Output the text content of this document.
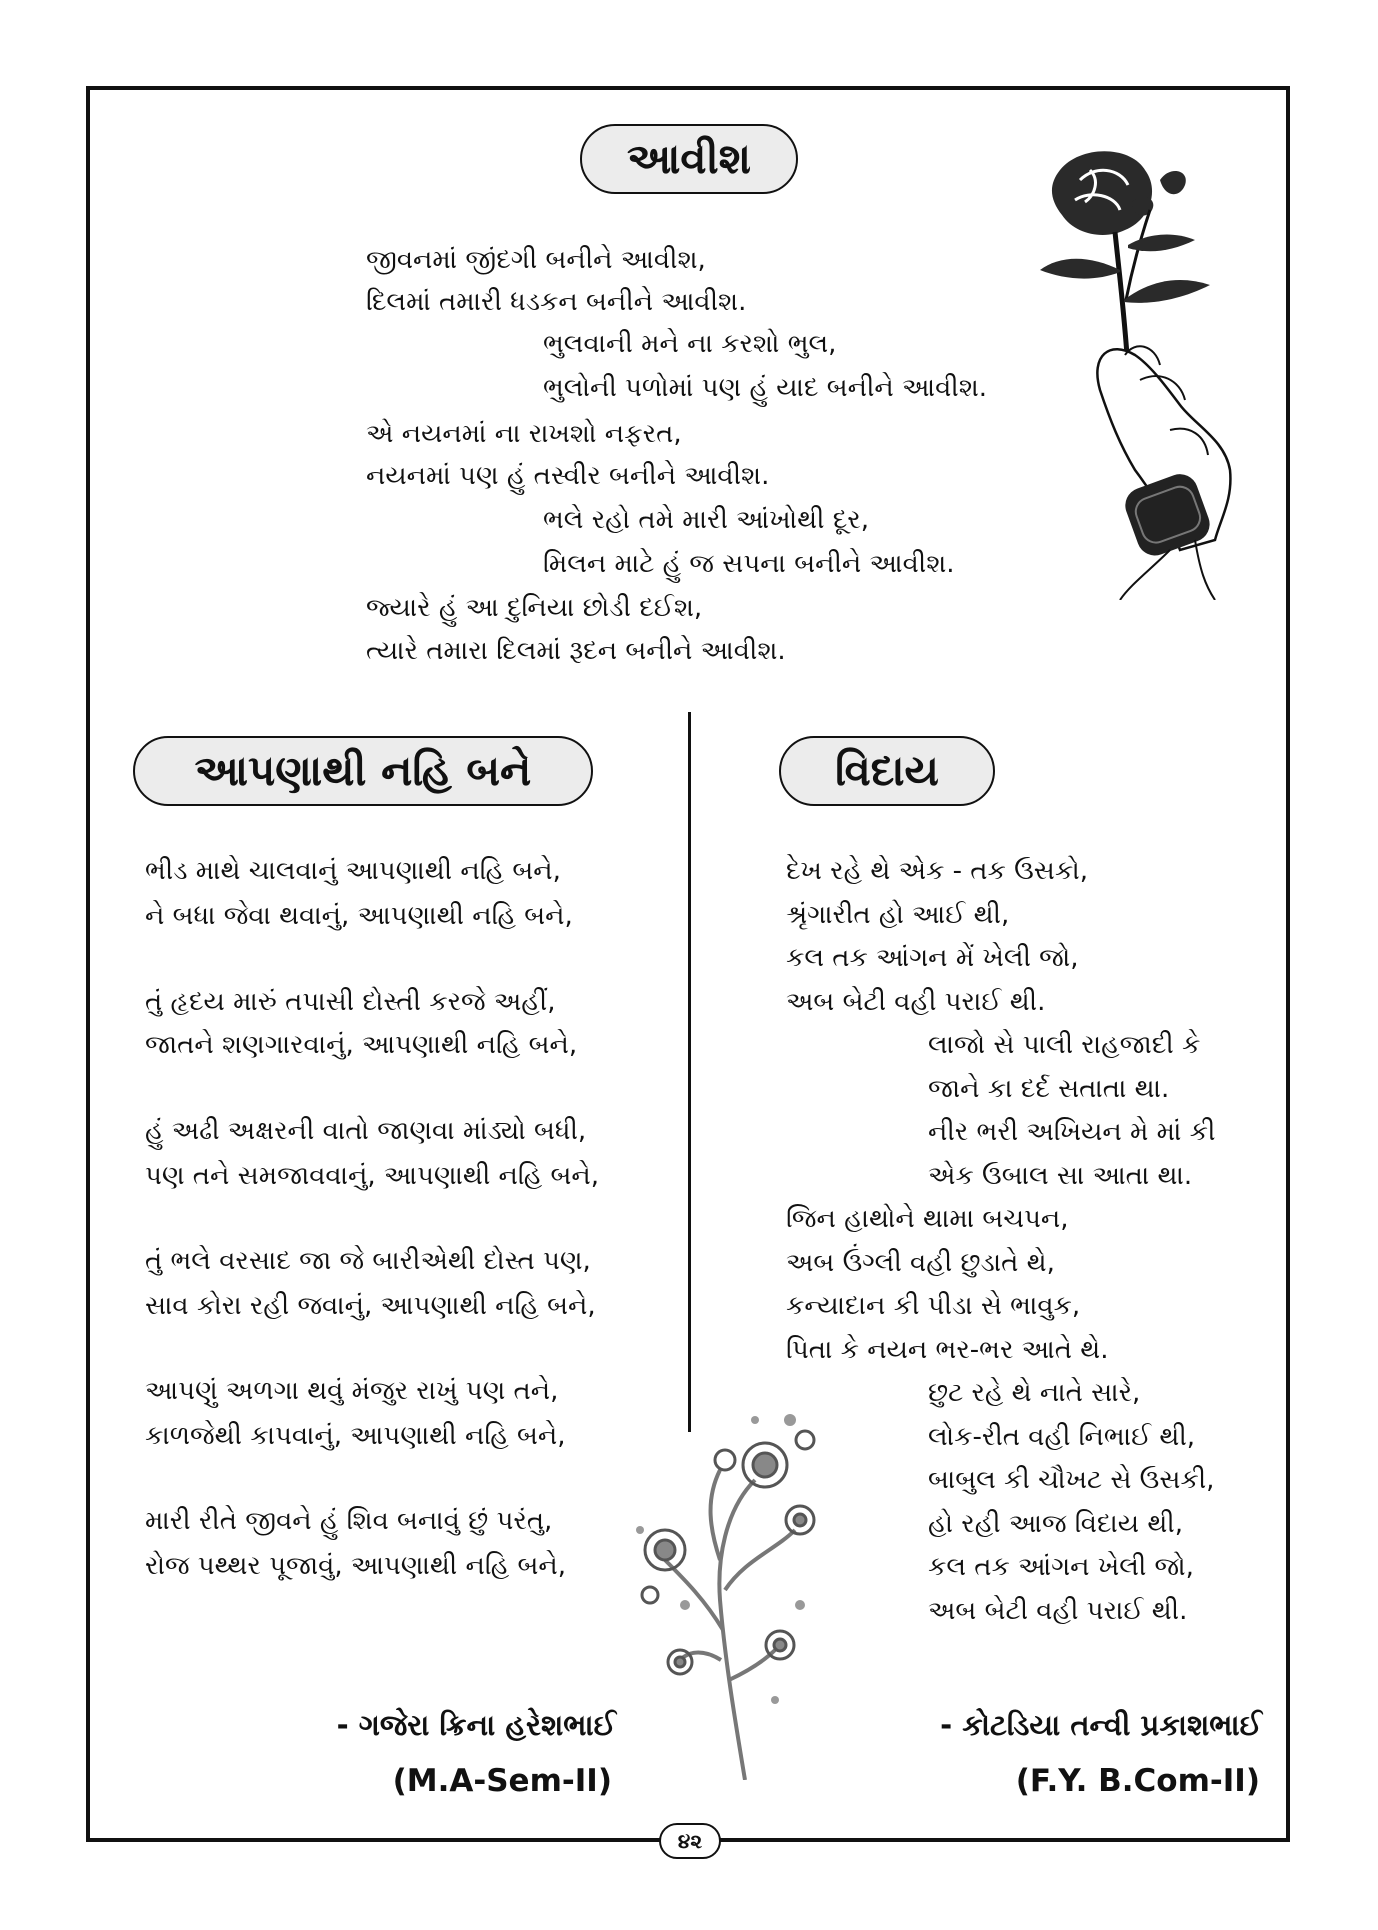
આવીશ
જીવનમાં જીંદગી બનીને આવીશ,
દિલમાં તમારી ધડકન બનીને આવીશ.
ભુલવાની મને ના કરશો ભુલ,
ભુલોની પળોમાં પણ હું યાદ બનીને આવીશ.
એ નયનમાં ના રાખશો નફરત,
નયનમાં પણ હું તસ્વીર બનીને આવીશ.
ભલે રહો તમે મારી આંખોથી દૂર,
મિલન માટે હું જ સપના બનીને આવીશ.
જ્યારે હું આ દુનિયા છોડી દઈશ,
ત્યારે તમારા દિલમાં રૂદન બનીને આવીશ.
આપણાથી નહિ બને
ભીડ માથે ચાલવાનું આપણાથી નહિ બને,
ને બધા જેવા થવાનું, આપણાથી નહિ બને,
તું હૃદય મારું તપાસી દોસ્તી કરજે અહીં,
જાતને શણગારવાનું, આપણાથી નહિ બને,
હું અઢી અક્ષરની વાતો જાણવા માંડ્યો બધી,
પણ તને સમજાવવાનું, આપણાથી નહિ બને,
તું ભલે વરસાદ જા જે બારીએથી દોસ્ત પણ,
સાવ કોરા રહી જવાનું, આપણાથી નહિ બને,
આપણું અળગા થવું મંજુર રાખું પણ તને,
કાળજેથી કાપવાનું, આપણાથી નહિ બને,
મારી રીતે જીવને હું શિવ બનાવું છું પરંતુ,
રોજ પથ્થર પૂજાવું, આપણાથી નહિ બને,
- ગજેરા ક્રિના હરેશભાઈ
(M.A-Sem-II)
વિદાય
દેખ રહે થે એક - તક ઉસકો,
શ્રૃંગારીત હો આઈ થી,
કલ તક આંગન મેં ખેલી જો,
અબ બેટી વહી પરાઈ થી.
લાજો સે પાલી રાહજાદી કે
જાને કા દર્દ સતાતા થા.
નીર ભરી અખિયન મે માં કી
એક ઉબાલ સા આતા થા.
જિન હાથોને થામા બચપન,
અબ ઉંગ્લી વહી છુડાતે થે,
કન્યાદાન કી પીડા સે ભાવુક,
પિતા કે નયન ભર-ભર આતે થે.
છુટ રહે થે નાતે સારે,
લોક-રીત વહી નિભાઈ થી,
બાબુલ કી ચૌખટ સે ઉસકી,
હો રહી આજ વિદાય થી,
કલ તક આંગન ખેલી જો,
અબ બેટી વહી પરાઈ થી.
- કોટડિયા તન્વી પ્રકાશભાઈ
(F.Y. B.Com-II)
૪૨
